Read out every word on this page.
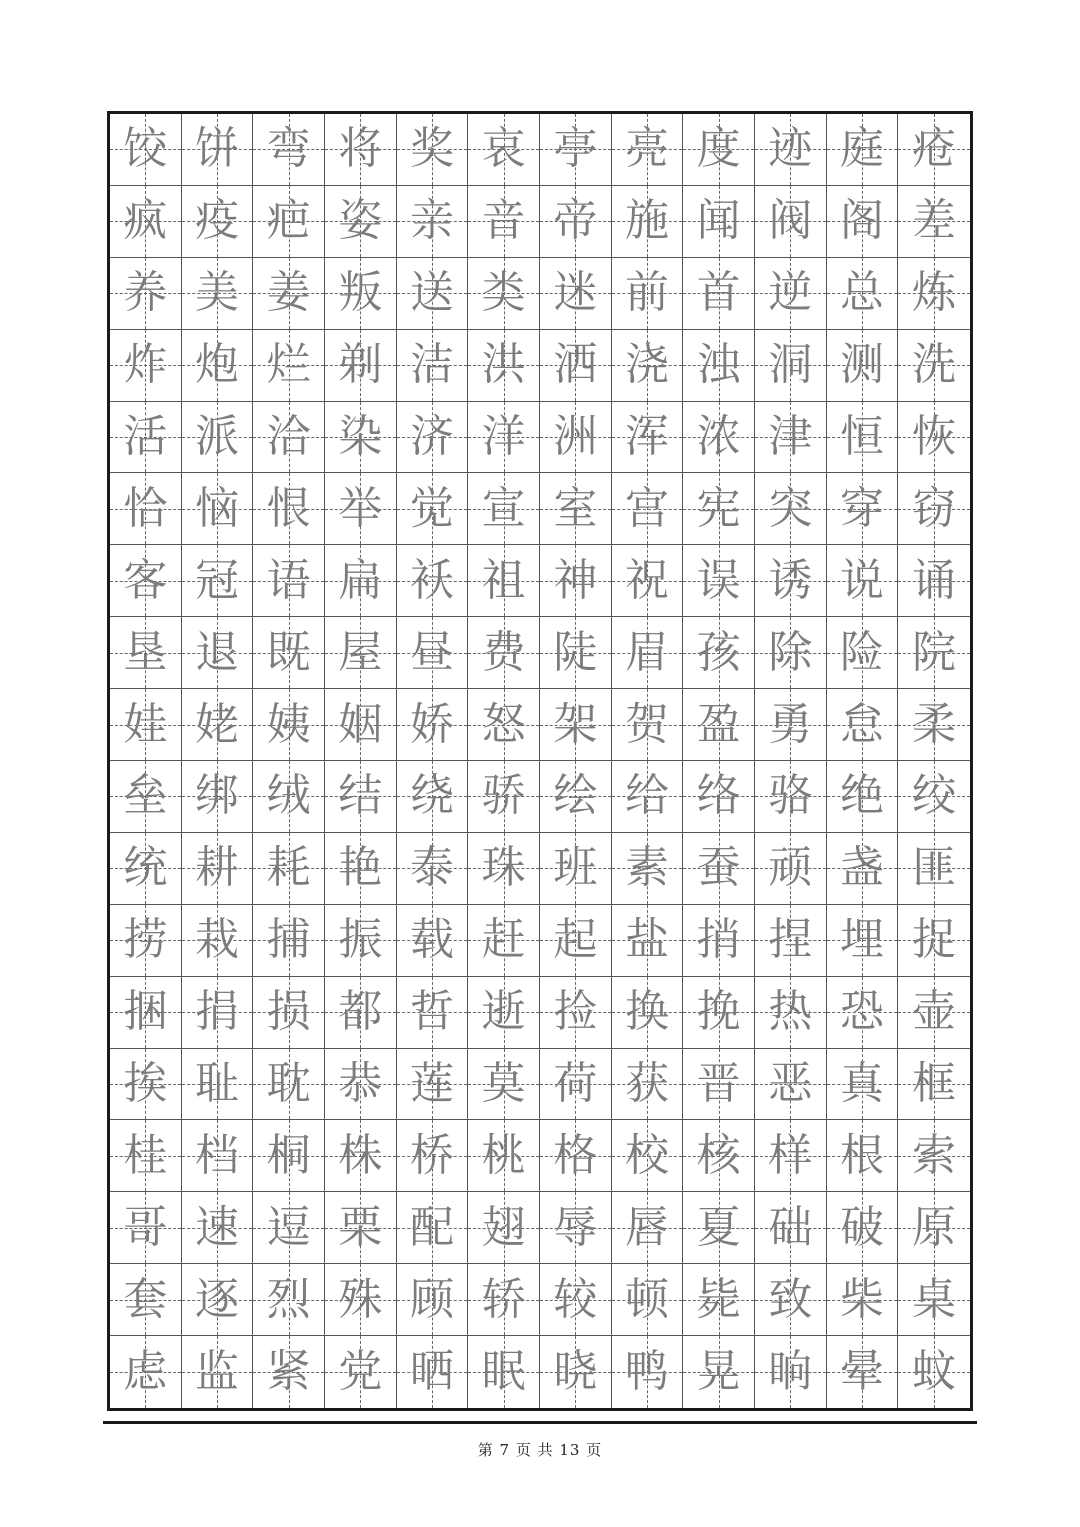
饺 饼 弯 将 奖 哀 亭 亮 度 迹 庭 疮
疯 疫 疤 姿 亲 音 帝 施 闻 阀 阁 差
养 美 姜 叛 送 类 迷 前 首 逆 总 炼
炸 炮 烂 剃 洁 洪 洒 浇 浊 洞 测 洗
活 派 洽 染 济 洋 洲 浑 浓 津 恒 恢
恰 恼 恨 举 觉 宣 室 宫 宪 突 穿 窃
客 冠 语 扁 袄 祖 神 祝 误 诱 说 诵
垦 退 既 屋 昼 费 陡 眉 孩 除 险 院
娃 姥 姨 姻 娇 怒 架 贺 盈 勇 怠 柔
垒 绑 绒 结 绕 骄 绘 给 络 骆 绝 绞
统 耕 耗 艳 泰 珠 班 素 蚕 顽 盏 匪
捞 栽 捕 振 载 赶 起 盐 捎 捏 埋 捉
捆 捐 损 都 哲 逝 捡 换 挽 热 恐 壶
挨 耻 耽 恭 莲 莫 荷 获 晋 恶 真 框
桂 档 桐 株 桥 桃 格 校 核 样 根 索
哥 速 逗 栗 配 翅 辱 唇 夏 础 破 原
套 逐 烈 殊 顾 轿 较 顿 毙 致 柴 桌
虑 监 紧 党 晒 眠 晓 鸭 晃 晌 晕 蚊
第 7 页 共 13 页
